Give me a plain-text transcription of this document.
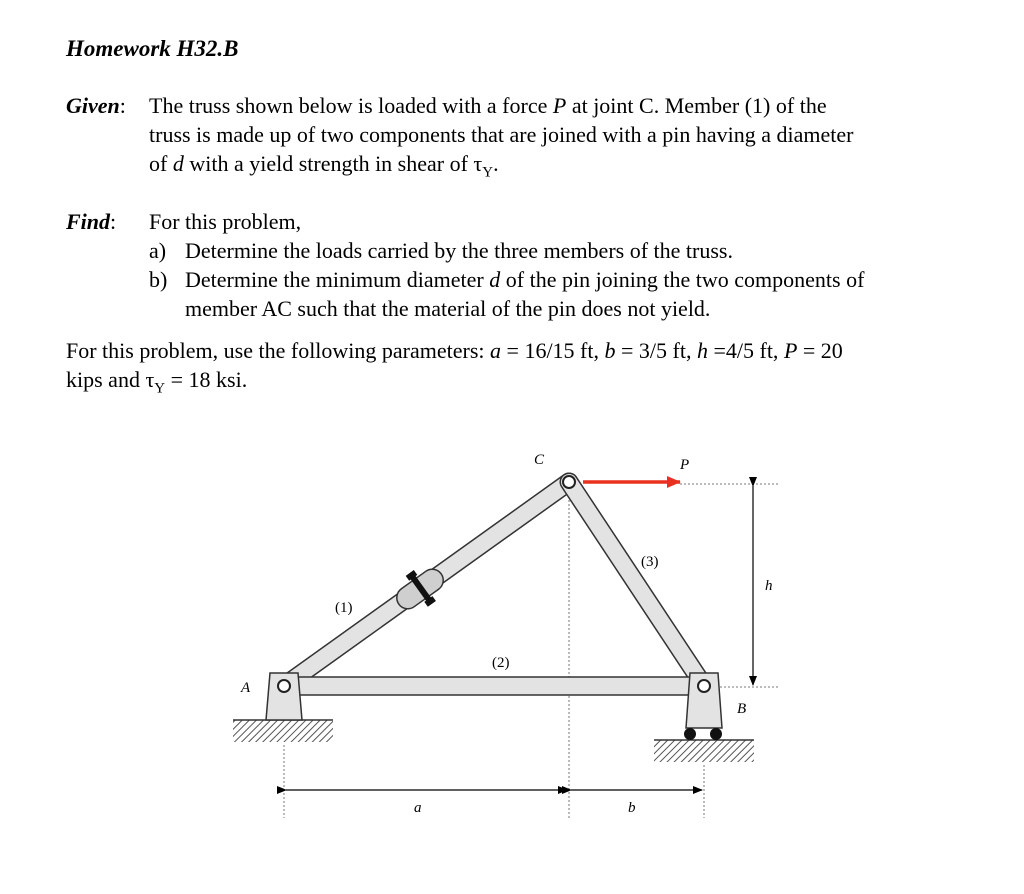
Homework H32.B
Given: The truss shown below is loaded with a force P at joint C. Member (1) of the
truss is made up of two components that are joined with a pin having a diameter
of d with a yield strength in shear of $\tau_Y$.
Find: For this problem,
a) Determine the loads carried by the three members of the truss.
b) Determine the minimum diameter d of the pin joining the two components of
member AC such that the material of the pin does not yield.
For this problem, use the following parameters: a = 16/15 ft, b = 3/5 ft, h =4/5 ft, P = 20
kips and $\tau_Y = 18$ ksi.
A
B
C	P
(1)
(2)
(3)
h
a	b
